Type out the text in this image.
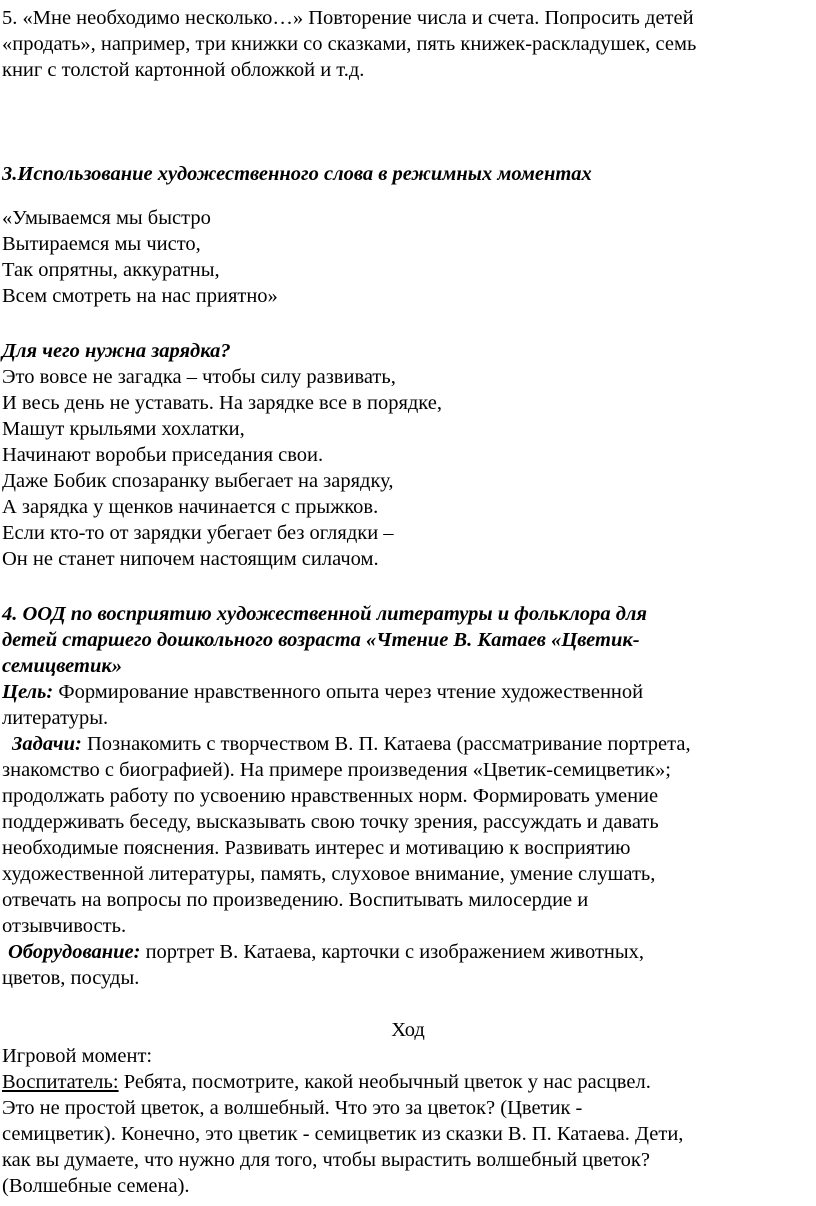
5. «Мне необходимо несколько…» Повторение числа и счета. Попросить детей
«продать», например, три книжки со сказками, пять книжек-раскладушек, семь
книг с толстой картонной обложкой и т.д.
3.Использование художественного слова в режимных моментах
«Умываемся мы быстро
Вытираемся мы чисто,
Так опрятны, аккуратны,
Всем смотреть на нас приятно»
Для чего нужна зарядка?
Это вовсе не загадка – чтобы силу развивать,
И весь день не уставать. На зарядке все в порядке,
Машут крыльями хохлатки,
Начинают воробьи приседания свои.
Даже Бобик спозаранку выбегает на зарядку,
А зарядка у щенков начинается с прыжков.
Если кто-то от зарядки убегает без оглядки –
Он не станет нипочем настоящим силачом.
4. ООД по восприятию художественной литературы и фольклора для
детей старшего дошкольного возраста «Чтение В. Катаев «Цветик-
семицветик»
Цель: Формирование нравственного опыта через чтение художественной
литературы.
Задачи: Познакомить с творчеством В. П. Катаева (рассматривание портрета,
знакомство с биографией). На примере произведения «Цветик-семицветик»;
продолжать работу по усвоению нравственных норм. Формировать умение
поддерживать беседу, высказывать свою точку зрения, рассуждать и давать
необходимые пояснения. Развивать интерес и мотивацию к восприятию
художественной литературы, память, слуховое внимание, умение слушать,
отвечать на вопросы по произведению. Воспитывать милосердие и
отзывчивость.
Оборудование: портрет В. Катаева, карточки с изображением животных,
цветов, посуды.
Ход
Игровой момент:
Воспитатель: Ребята, посмотрите, какой необычный цветок у нас расцвел.
Это не простой цветок, а волшебный. Что это за цветок? (Цветик -
семицветик). Конечно, это цветик - семицветик из сказки В. П. Катаева. Дети,
как вы думаете, что нужно для того, чтобы вырастить волшебный цветок?
(Волшебные семена).
